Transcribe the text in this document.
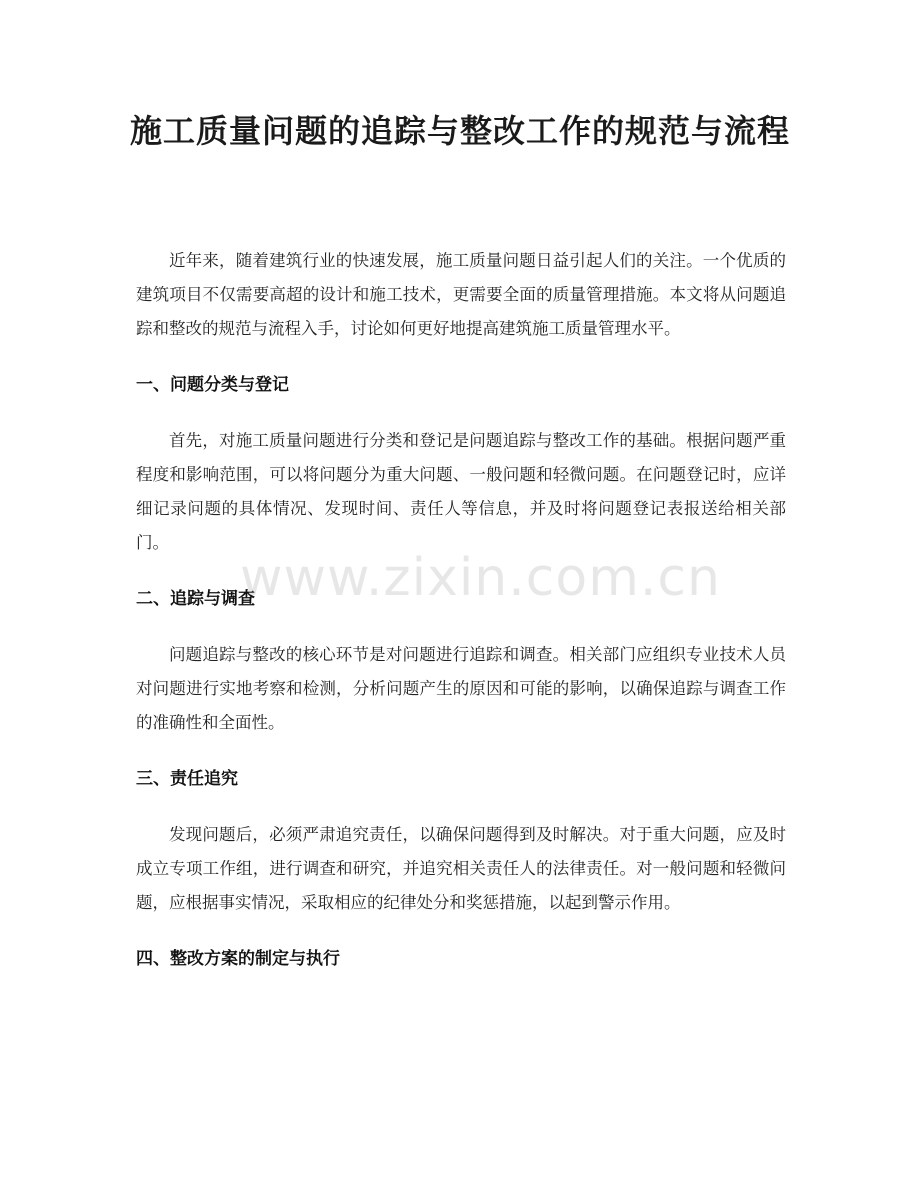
施工质量问题的追踪与整改工作的规范与流程

近年来，随着建筑行业的快速发展，施工质量问题日益引起人们的关注。一个优质的建筑项目不仅需要高超的设计和施工技术，更需要全面的质量管理措施。本文将从问题追踪和整改的规范与流程入手，讨论如何更好地提高建筑施工质量管理水平。

一、问题分类与登记

首先，对施工质量问题进行分类和登记是问题追踪与整改工作的基础。根据问题严重程度和影响范围，可以将问题分为重大问题、一般问题和轻微问题。在问题登记时，应详细记录问题的具体情况、发现时间、责任人等信息，并及时将问题登记表报送给相关部门。

二、追踪与调查

问题追踪与整改的核心环节是对问题进行追踪和调查。相关部门应组织专业技术人员对问题进行实地考察和检测，分析问题产生的原因和可能的影响，以确保追踪与调查工作的准确性和全面性。

三、责任追究

发现问题后，必须严肃追究责任，以确保问题得到及时解决。对于重大问题，应及时成立专项工作组，进行调查和研究，并追究相关责任人的法律责任。对一般问题和轻微问题，应根据事实情况，采取相应的纪律处分和奖惩措施，以起到警示作用。

四、整改方案的制定与执行
www.zixin.com.cn
